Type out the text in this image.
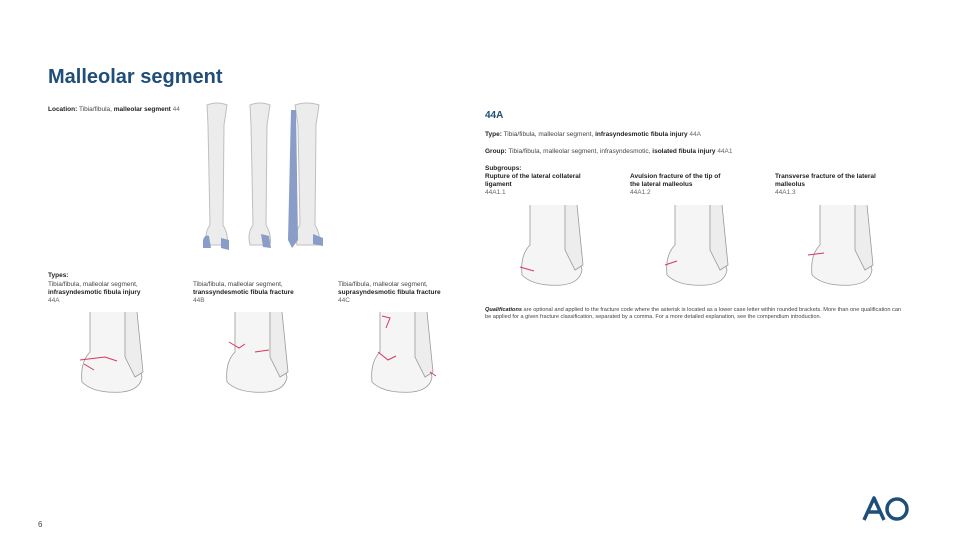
Malleolar segment
Location: Tibia/fibula, malleolar segment 44
Types:
Tibia/fibula, malleolar segment,
infrasyndesmotic fibula injury
44A
Tibia/fibula, malleolar segment,
transsyndesmotic fibula fracture
44B
Tibia/fibula, malleolar segment,
suprasyndesmotic fibula fracture
44C
44A
Type: Tibia/fibula, malleolar segment, infrasyndesmotic fibula injury 44A
Group: Tibia/fibula, malleolar segment, infrasyndesmotic, isolated fibula injury 44A1
Subgroups:
Rupture of the lateral collateral
ligament
44A1.1
Avulsion fracture of the tip of
the lateral malleolus
44A1.2
Transverse fracture of the lateral
malleolus
44A1.3
Qualifications are optional and applied to the fracture code where the asterisk is located as a lower case letter within rounded brackets. More than one qualification can be applied for a given fracture classification, separated by a comma. For a more detailed explanation, see the compendium introduction.
6
